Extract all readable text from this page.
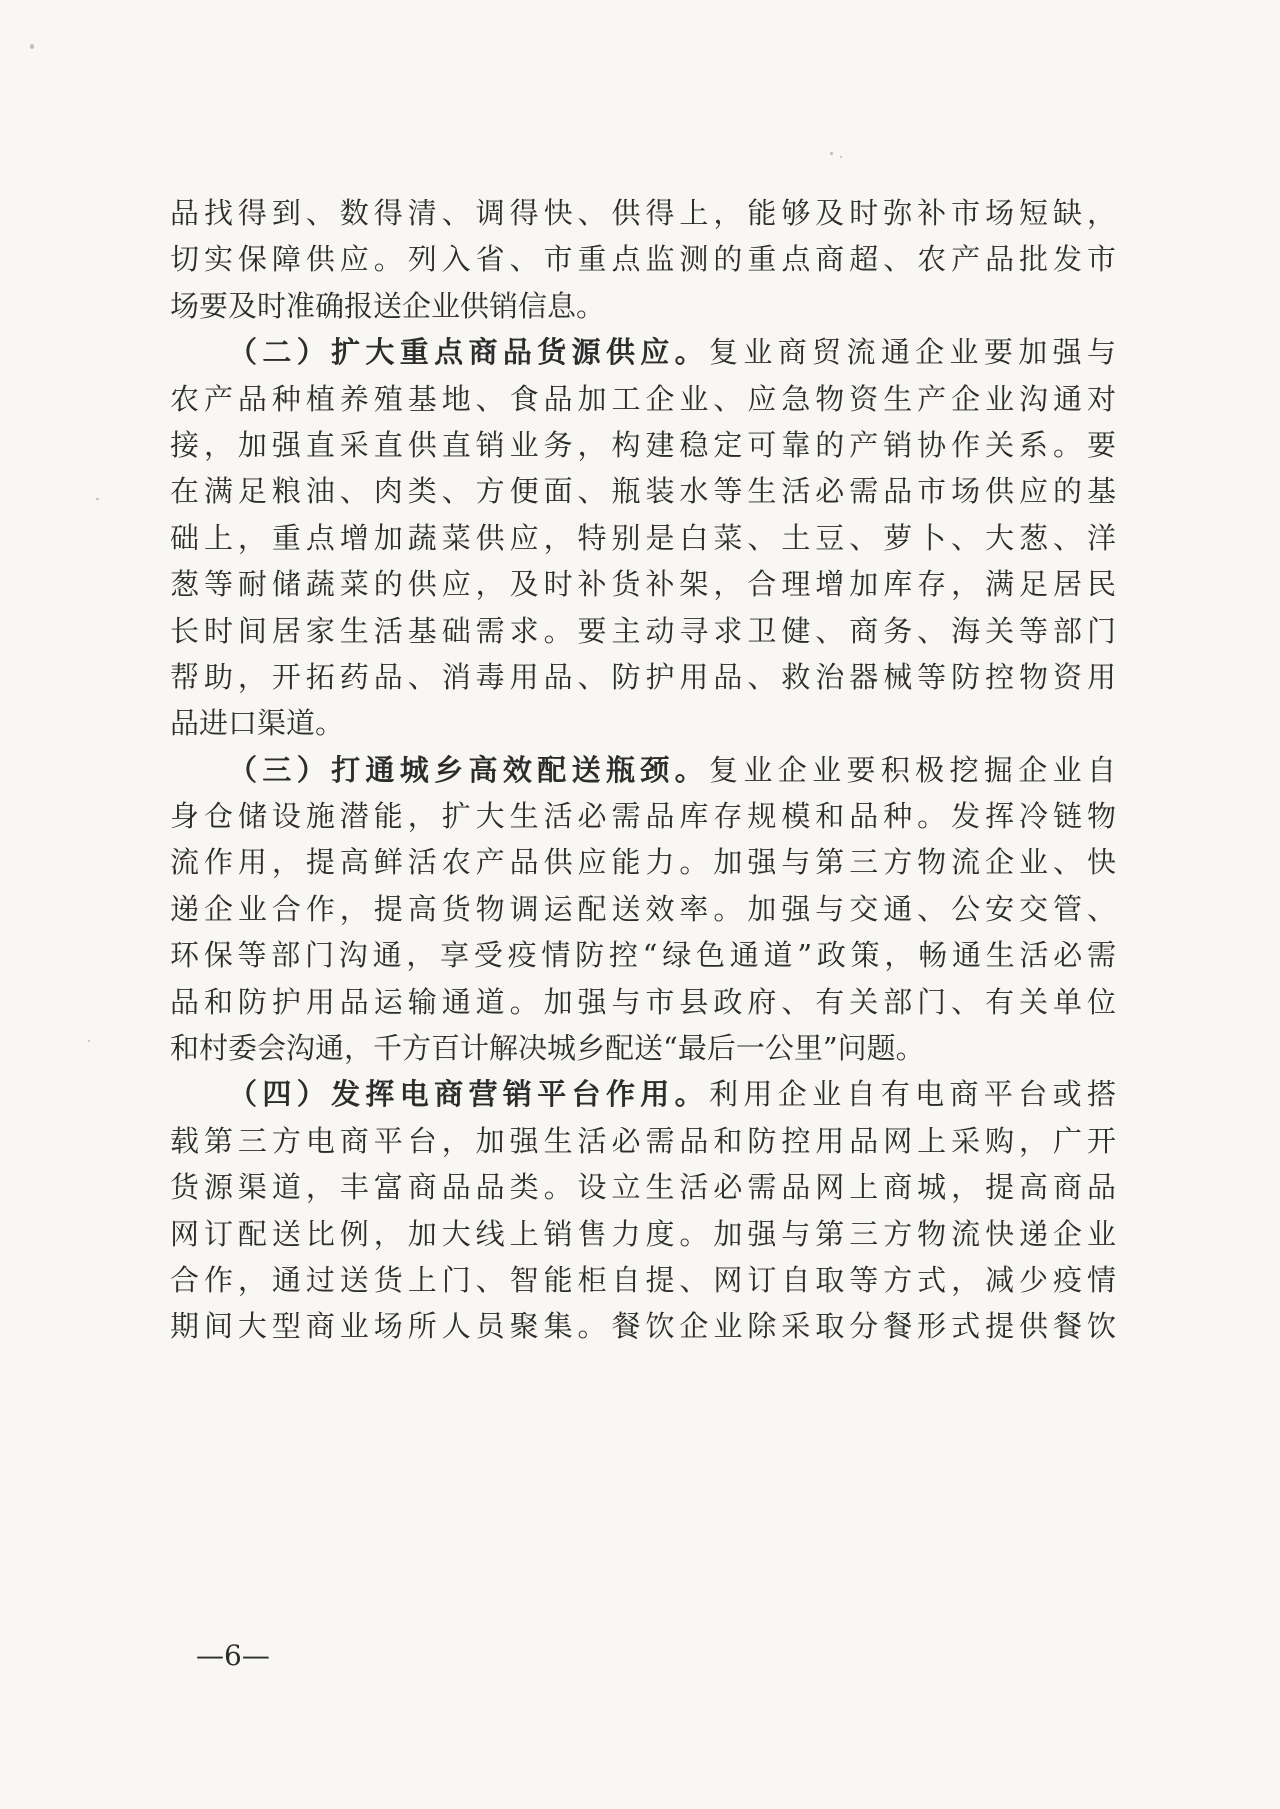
品找得到、数得清、调得快、供得上，能够及时弥补市场短缺，
切实保障供应。列入省、市重点监测的重点商超、农产品批发市
场要及时准确报送企业供销信息。
（二）扩大重点商品货源供应。复业商贸流通企业要加强与
农产品种植养殖基地、食品加工企业、应急物资生产企业沟通对
接，加强直采直供直销业务，构建稳定可靠的产销协作关系。要
在满足粮油、肉类、方便面、瓶装水等生活必需品市场供应的基
础上，重点增加蔬菜供应，特别是白菜、土豆、萝卜、大葱、洋
葱等耐储蔬菜的供应，及时补货补架，合理增加库存，满足居民
长时间居家生活基础需求。要主动寻求卫健、商务、海关等部门
帮助，开拓药品、消毒用品、防护用品、救治器械等防控物资用
品进口渠道。
（三）打通城乡高效配送瓶颈。复业企业要积极挖掘企业自
身仓储设施潜能，扩大生活必需品库存规模和品种。发挥冷链物
流作用，提高鲜活农产品供应能力。加强与第三方物流企业、快
递企业合作，提高货物调运配送效率。加强与交通、公安交管、
环保等部门沟通，享受疫情防控“绿色通道”政策，畅通生活必需
品和防护用品运输通道。加强与市县政府、有关部门、有关单位
和村委会沟通，千方百计解决城乡配送“最后一公里”问题。
（四）发挥电商营销平台作用。利用企业自有电商平台或搭
载第三方电商平台，加强生活必需品和防控用品网上采购，广开
货源渠道，丰富商品品类。设立生活必需品网上商城，提高商品
网订配送比例，加大线上销售力度。加强与第三方物流快递企业
合作，通过送货上门、智能柜自提、网订自取等方式，减少疫情
期间大型商业场所人员聚集。餐饮企业除采取分餐形式提供餐饮
—6—
